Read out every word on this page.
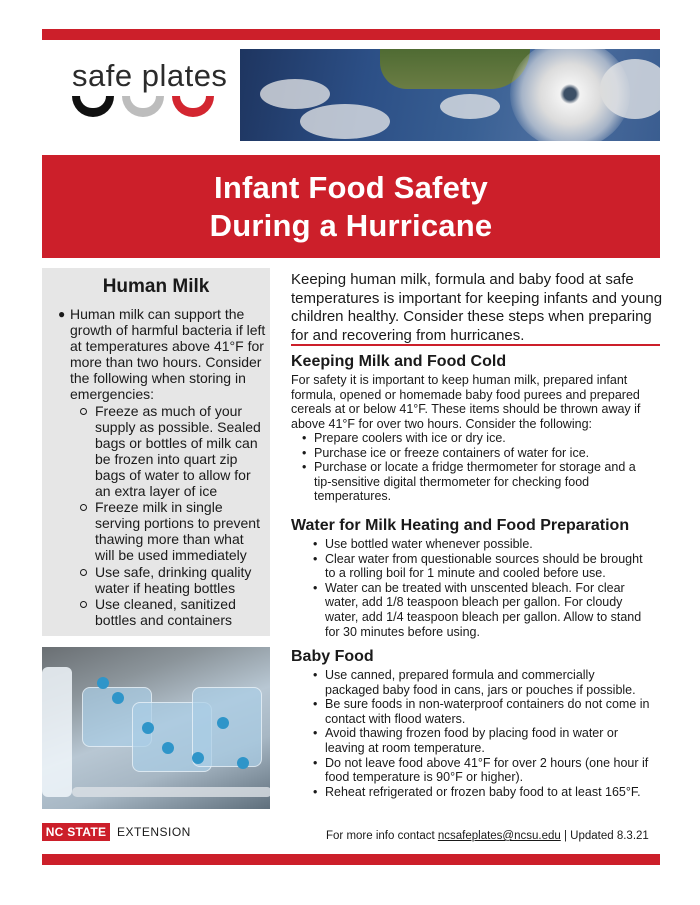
safe plates
Infant Food Safety
During a Hurricane
Human Milk
● Human milk can support the growth of harmful bacteria if left at temperatures above 41°F for more than two hours. Consider the following when storing in emergencies:
Freeze as much of your supply as possible. Sealed bags or bottles of milk can be frozen into quart zip bags of water to allow for an extra layer of ice
Freeze milk in single serving portions to prevent thawing more than what will be used immediately
Use safe, drinking quality water if heating bottles
Use cleaned, sanitized bottles and containers
Keeping human milk, formula and baby food at safe temperatures is important for keeping infants and young children healthy. Consider these steps when preparing for and recovering from hurricanes.
Keeping Milk and Food Cold
For safety it is important to keep human milk, prepared infant formula, opened or homemade baby food purees and prepared cereals at or below 41°F. These items should be thrown away if above 41°F for over two hours. Consider the following:
• Prepare coolers with ice or dry ice.
• Purchase ice or freeze containers of water for ice.
• Purchase or locate a fridge thermometer for storage and a tip-sensitive digital thermometer for checking food temperatures.
Water for Milk Heating and Food Preparation
• Use bottled water whenever possible.
• Clear water from questionable sources should be brought to a rolling boil for 1 minute and cooled before use.
• Water can be treated with unscented bleach. For clear water, add 1/8 teaspoon bleach per gallon. For cloudy water, add 1/4 teaspoon bleach per gallon. Allow to stand for 30 minutes before using.
Baby Food
• Use canned, prepared formula and commercially packaged baby food in cans, jars or pouches if possible.
• Be sure foods in non-waterproof containers do not come in contact with flood waters.
• Avoid thawing frozen food by placing food in water or leaving at room temperature.
• Do not leave food above 41°F for over 2 hours (one hour if food temperature is 90°F or higher).
• Reheat refrigerated or frozen baby food to at least 165°F.
NC STATE EXTENSION	For more info contact ncsafeplates@ncsu.edu | Updated 8.3.21
